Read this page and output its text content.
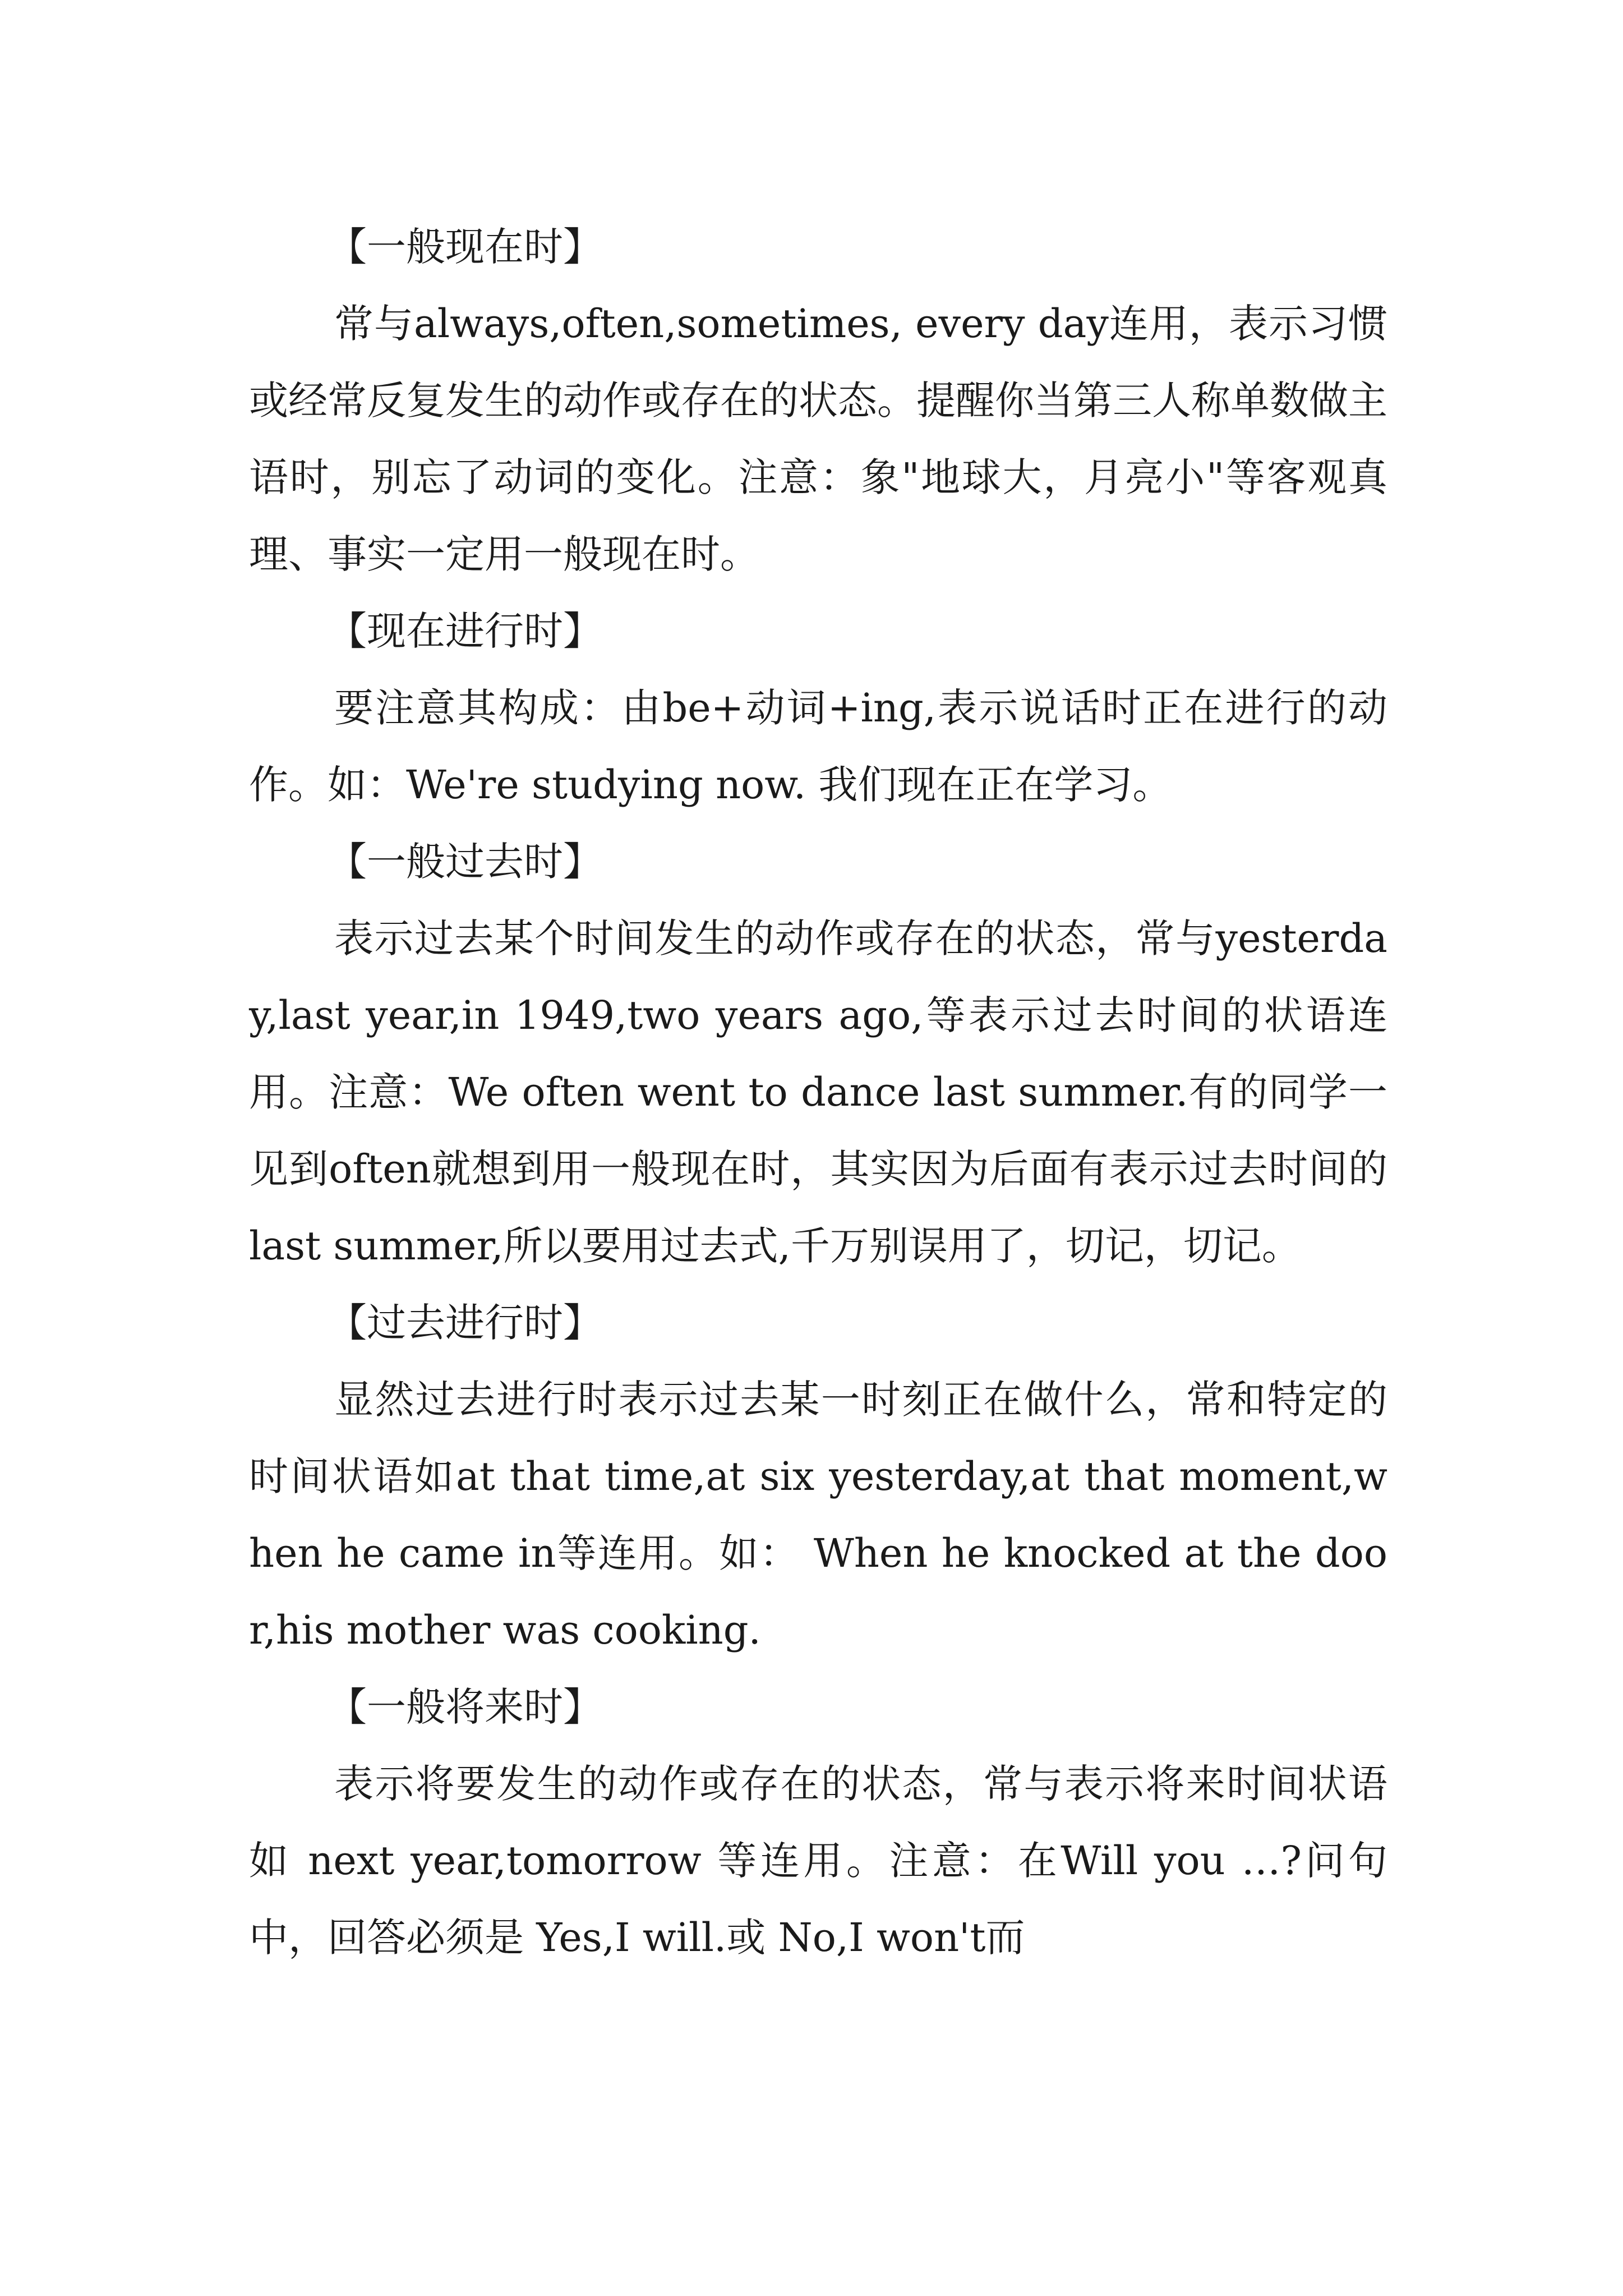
【一般现在时】

常与always,often,sometimes, every day连用，表示习惯或经常反复发生的动作或存在的状态。提醒你当第三人称单数做主语时，别忘了动词的变化。注意：象"地球大，月亮小"等客观真理、事实一定用一般现在时。

【现在进行时】

要注意其构成：由be+动词+ing,表示说话时正在进行的动作。如：We're studying now. 我们现在正在学习。

【一般过去时】

表示过去某个时间发生的动作或存在的状态，常与yesterday,last year,in 1949,two years ago,等表示过去时间的状语连用。注意：We often went to dance last summer.有的同学一见到often就想到用一般现在时，其实因为后面有表示过去时间的 last summer,所以要用过去式,千万别误用了，切记，切记。

【过去进行时】

显然过去进行时表示过去某一时刻正在做什么，常和特定的时间状语如at that time,at six yesterday,at that moment,when he came in等连用。如： When he knocked at the door,his mother was cooking.

【一般将来时】

表示将要发生的动作或存在的状态，常与表示将来时间状语如 next year,tomorrow 等连用。注意：在Will you …?问句中，回答必须是 Yes,I will.或 No,I won't而
